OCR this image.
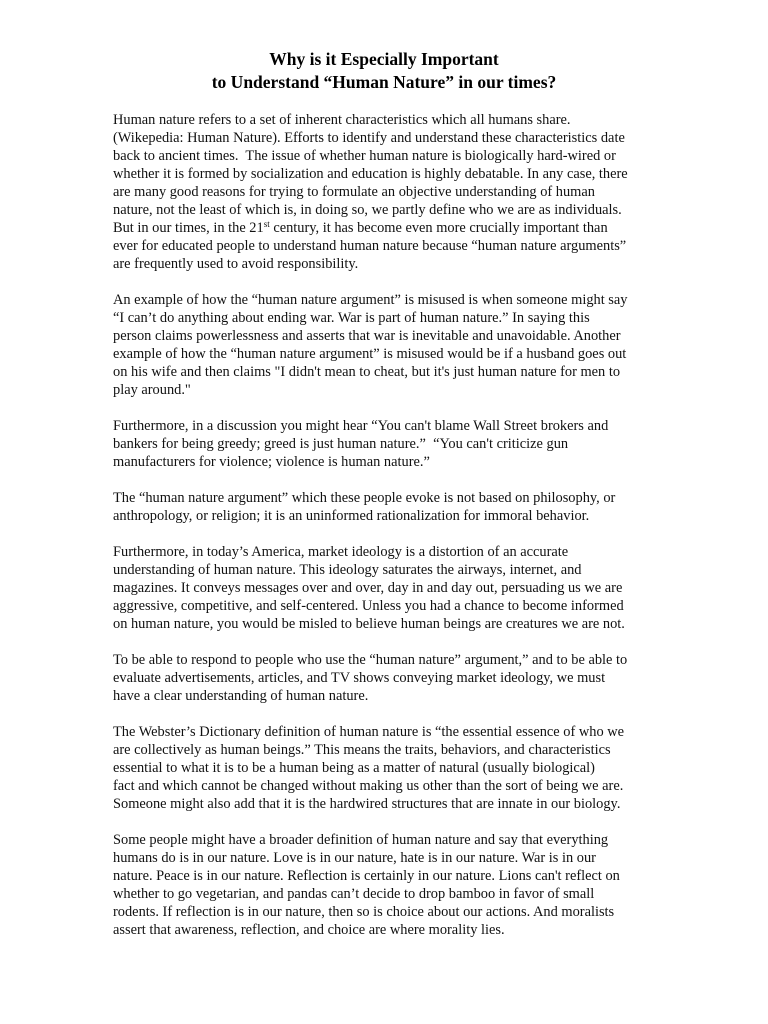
Why is it Especially Important
to Understand “Human Nature” in our times?

Human nature refers to a set of inherent characteristics which all humans share.
(Wikepedia: Human Nature). Efforts to identify and understand these characteristics date
back to ancient times.  The issue of whether human nature is biologically hard-wired or
whether it is formed by socialization and education is highly debatable. In any case, there
are many good reasons for trying to formulate an objective understanding of human
nature, not the least of which is, in doing so, we partly define who we are as individuals.
But in our times, in the 21st century, it has become even more crucially important than
ever for educated people to understand human nature because “human nature arguments”
are frequently used to avoid responsibility.

An example of how the “human nature argument” is misused is when someone might say
“I can’t do anything about ending war. War is part of human nature.” In saying this
person claims powerlessness and asserts that war is inevitable and unavoidable. Another
example of how the “human nature argument” is misused would be if a husband goes out
on his wife and then claims "I didn't mean to cheat, but it's just human nature for men to
play around."

Furthermore, in a discussion you might hear “You can't blame Wall Street brokers and
bankers for being greedy; greed is just human nature.”  “You can't criticize gun
manufacturers for violence; violence is human nature.”

The “human nature argument” which these people evoke is not based on philosophy, or
anthropology, or religion; it is an uninformed rationalization for immoral behavior.

Furthermore, in today’s America, market ideology is a distortion of an accurate
understanding of human nature. This ideology saturates the airways, internet, and
magazines. It conveys messages over and over, day in and day out, persuading us we are
aggressive, competitive, and self-centered. Unless you had a chance to become informed
on human nature, you would be misled to believe human beings are creatures we are not.

To be able to respond to people who use the “human nature” argument,” and to be able to
evaluate advertisements, articles, and TV shows conveying market ideology, we must
have a clear understanding of human nature.

The Webster’s Dictionary definition of human nature is “the essential essence of who we
are collectively as human beings.” This means the traits, behaviors, and characteristics
essential to what it is to be a human being as a matter of natural (usually biological)
fact and which cannot be changed without making us other than the sort of being we are.
Someone might also add that it is the hardwired structures that are innate in our biology.

Some people might have a broader definition of human nature and say that everything
humans do is in our nature. Love is in our nature, hate is in our nature. War is in our
nature. Peace is in our nature. Reflection is certainly in our nature. Lions can't reflect on
whether to go vegetarian, and pandas can’t decide to drop bamboo in favor of small
rodents. If reflection is in our nature, then so is choice about our actions. And moralists
assert that awareness, reflection, and choice are where morality lies.
